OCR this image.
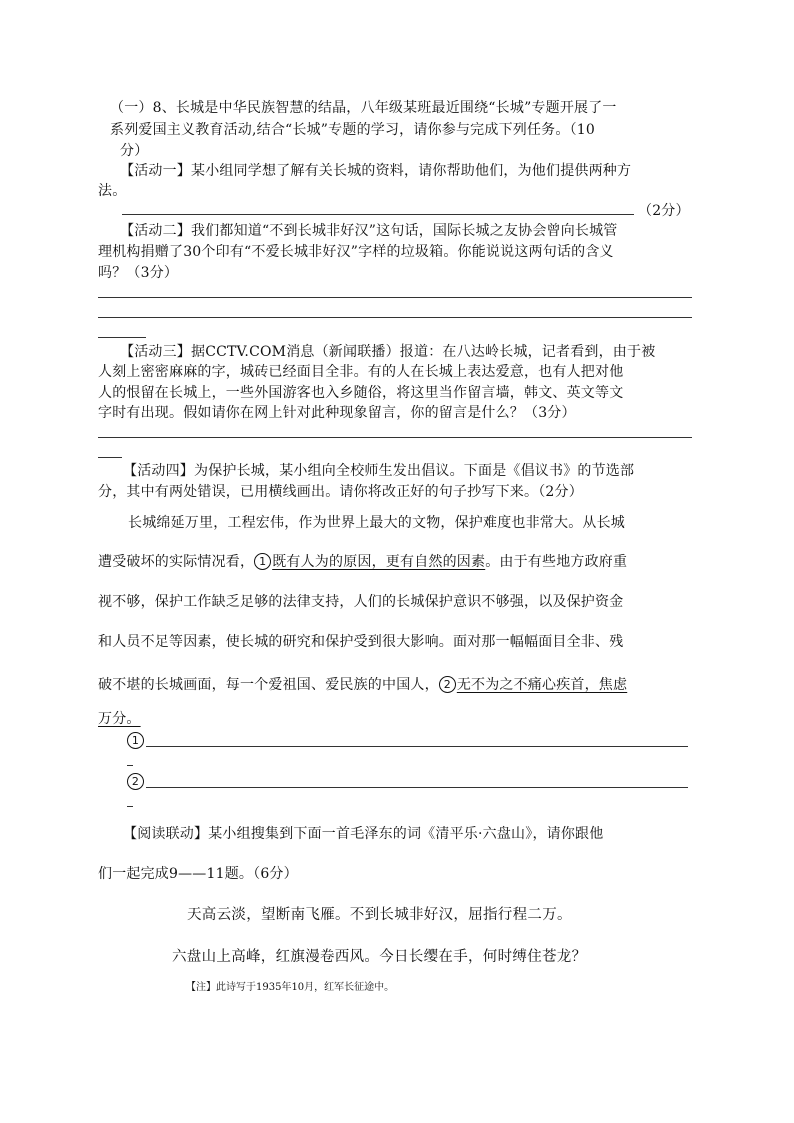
（一）8、长城是中华民族智慧的结晶，八年级某班最近围绕“长城”专题开展了一
系列爱国主义教育活动,结合“长城”专题的学习，请你参与完成下列任务。（10
分）
【活动一】某小组同学想了解有关长城的资料，请你帮助他们，为他们提供两种方
法。
（2分）
【活动二】我们都知道“不到长城非好汉”这句话，国际长城之友协会曾向长城管
理机构捐赠了30个印有“不爱长城非好汉”字样的垃圾箱。你能说说这两句话的含义
吗？（3分）
【活动三】据CCTV.COM消息（新闻联播）报道：在八达岭长城，记者看到，由于被
人刻上密密麻麻的字，城砖已经面目全非。有的人在长城上表达爱意，也有人把对他
人的恨留在长城上，一些外国游客也入乡随俗，将这里当作留言墙，韩文、英文等文
字时有出现。假如请你在网上针对此种现象留言，你的留言是什么？（3分）
【活动四】为保护长城，某小组向全校师生发出倡议。下面是《倡议书》的节选部
分，其中有两处错误，已用横线画出。请你将改正好的句子抄写下来。（2分）
长城绵延万里，工程宏伟，作为世界上最大的文物，保护难度也非常大。从长城
遭受破坏的实际情况看， 1 既有人为的原因，更有自然的因素。由于有些地方政府重
视不够，保护工作缺乏足够的法律支持，人们的长城保护意识不够强，以及保护资金
和人员不足等因素，使长城的研究和保护受到很大影响。面对那一幅幅面目全非、残
破不堪的长城画面，每一个爱祖国、爱民族的中国人， 2 无不为之不痛心疾首，焦虑
万分。
1
2
【阅读联动】某小组搜集到下面一首毛泽东的词《清平乐·六盘山》，请你跟他
们一起完成9——11题。（6分）
天高云淡，望断南飞雁。不到长城非好汉，屈指行程二万。
六盘山上高峰，红旗漫卷西风。今日长缨在手，何时缚住苍龙？
【注】此诗写于1935年10月，红军长征途中。
